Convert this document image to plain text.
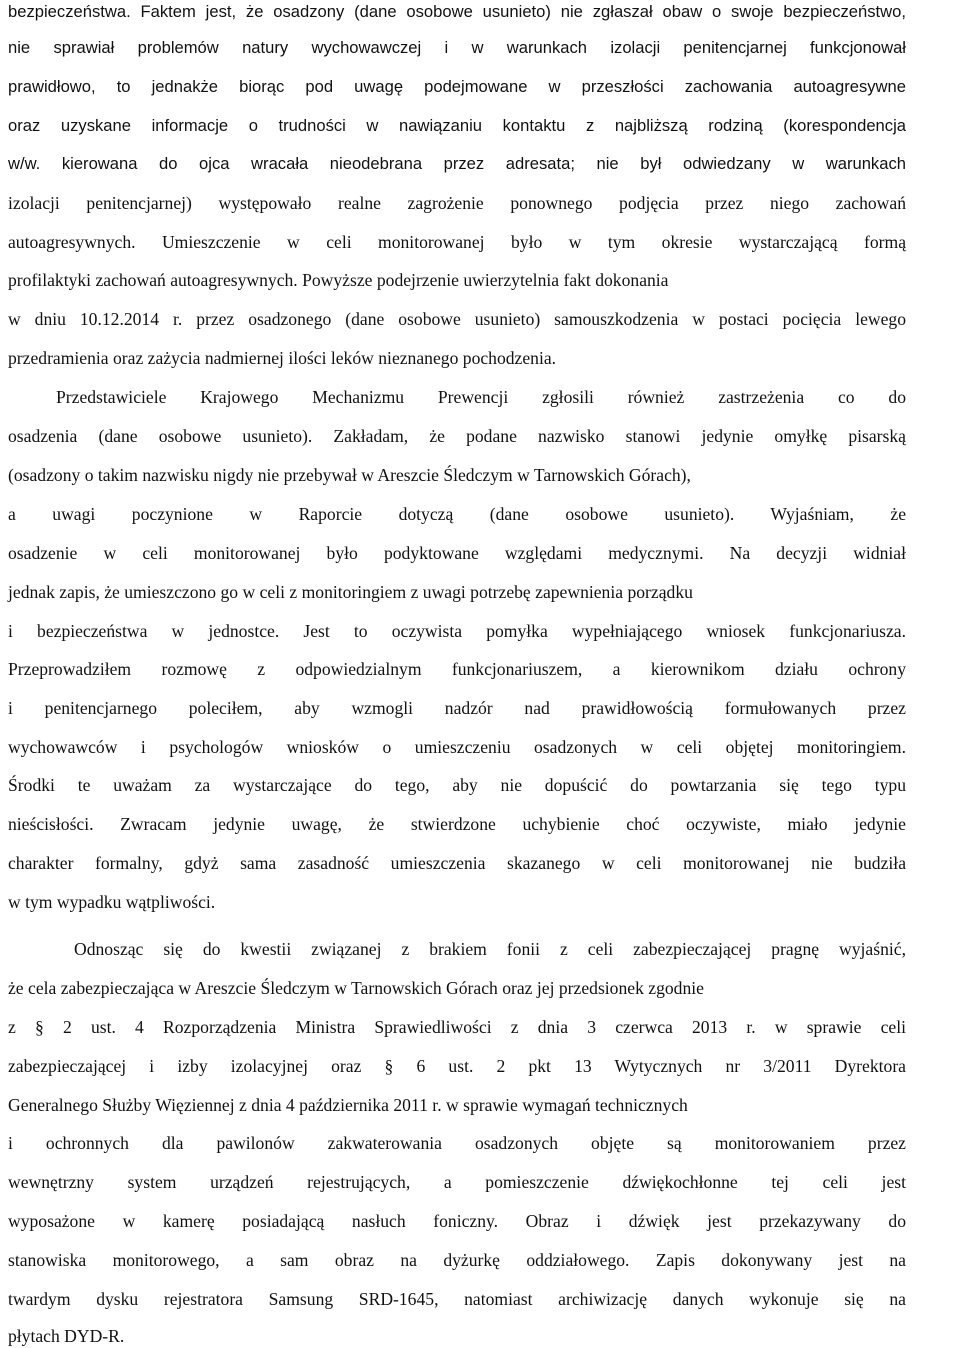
bezpieczeństwa. Faktem jest, że osadzony (dane osobowe usunieto) nie zgłaszał obaw o swoje bezpieczeństwo,
nie sprawiał problemów natury wychowawczej i w warunkach izolacji penitencjarnej funkcjonował
prawidłowo, to jednakże biorąc pod uwagę podejmowane w przeszłości zachowania autoagresywne
oraz uzyskane informacje o trudności w nawiązaniu kontaktu z najbliższą rodziną (korespondencja
w/w. kierowana do ojca wracała nieodebrana przez adresata; nie był odwiedzany w warunkach
izolacji penitencjarnej) występowało realne zagrożenie ponownego podjęcia przez niego zachowań
autoagresywnych. Umieszczenie w celi monitorowanej było w tym okresie wystarczającą formą
profilaktyki zachowań autoagresywnych. Powyższe podejrzenie uwierzytelnia fakt dokonania
w dniu 10.12.2014 r. przez osadzonego (dane osobowe usunieto) samouszkodzenia w postaci pocięcia lewego
przedramienia oraz zażycia nadmiernej ilości leków nieznanego pochodzenia.
Przedstawiciele Krajowego Mechanizmu Prewencji zgłosili również zastrzeżenia co do
osadzenia (dane osobowe usunieto). Zakładam, że podane nazwisko stanowi jedynie omyłkę pisarską
(osadzony o takim nazwisku nigdy nie przebywał w Areszcie Śledczym w Tarnowskich Górach),
a uwagi poczynione w Raporcie dotyczą (dane osobowe usunieto). Wyjaśniam, że
osadzenie w celi monitorowanej było podyktowane względami medycznymi. Na decyzji widniał
jednak zapis, że umieszczono go w celi z monitoringiem z uwagi potrzebę zapewnienia porządku
i bezpieczeństwa w jednostce. Jest to oczywista pomyłka wypełniającego wniosek funkcjonariusza.
Przeprowadziłem rozmowę z odpowiedzialnym funkcjonariuszem, a kierownikom działu ochrony
i penitencjarnego poleciłem, aby wzmogli nadzór nad prawidłowością formułowanych przez
wychowawców i psychologów wniosków o umieszczeniu osadzonych w celi objętej monitoringiem.
Środki te uważam za wystarczające do tego, aby nie dopuścić do powtarzania się tego typu
nieścisłości. Zwracam jedynie uwagę, że stwierdzone uchybienie choć oczywiste, miało jedynie
charakter formalny, gdyż sama zasadność umieszczenia skazanego w celi monitorowanej nie budziła
w tym wypadku wątpliwości.
Odnosząc się do kwestii związanej z brakiem fonii z celi zabezpieczającej pragnę wyjaśnić,
że cela zabezpieczająca w Areszcie Śledczym w Tarnowskich Górach oraz jej przedsionek zgodnie
z § 2 ust. 4 Rozporządzenia Ministra Sprawiedliwości z dnia 3 czerwca 2013 r. w sprawie celi
zabezpieczającej i izby izolacyjnej oraz § 6 ust. 2 pkt 13 Wytycznych nr 3/2011 Dyrektora
Generalnego Służby Więziennej z dnia 4 października 2011 r. w sprawie wymagań technicznych
i ochronnych dla pawilonów zakwaterowania osadzonych objęte są monitorowaniem przez
wewnętrzny system urządzeń rejestrujących, a pomieszczenie dźwiękochłonne tej celi jest
wyposażone w kamerę posiadającą nasłuch foniczny. Obraz i dźwięk jest przekazywany do
stanowiska monitorowego, a sam obraz na dyżurkę oddziałowego. Zapis dokonywany jest na
twardym dysku rejestratora Samsung SRD-1645, natomiast archiwizację danych wykonuje się na
płytach DYD-R.
